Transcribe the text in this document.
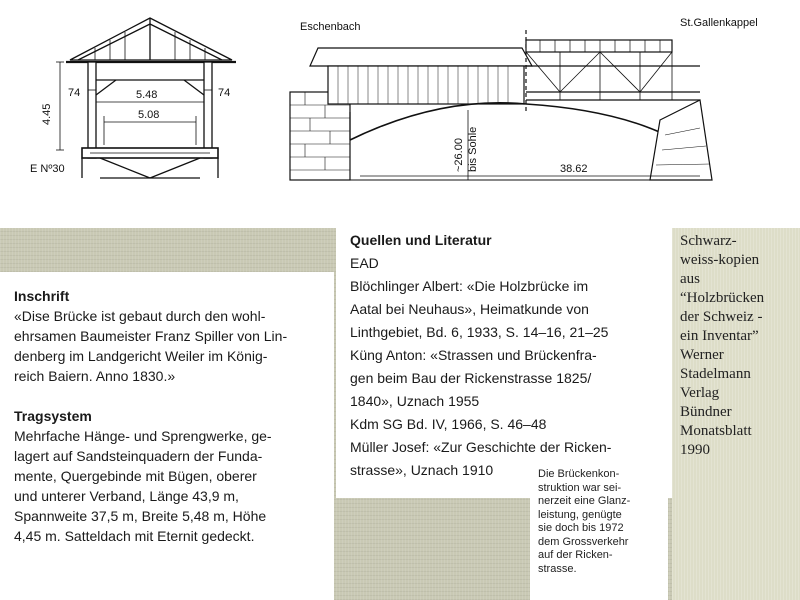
4.45
74	74
5.48
5.08
E Nº30
Eschenbach	St.Gallenkappel
~26.00 bis Sohle	38.62

Inschrift

«Dise Brücke ist gebaut durch den wohl-

ehrsamen Baumeister Franz Spiller von Lin-

denberg im Landgericht Weiler im König-

reich Baiern. Anno 1830.»

Tragsystem

Mehrfache Hänge- und Sprengwerke, ge-

lagert auf Sandsteinquadern der Funda-

mente, Quergebinde mit Bügen, oberer

und unterer Verband, Länge 43,9 m,

Spannweite 37,5 m, Breite 5,48 m, Höhe

4,45 m. Satteldach mit Eternit gedeckt.

Quellen und Literatur

EAD

Blöchlinger Albert: «Die Holzbrücke im

Aatal bei Neuhaus», Heimatkunde von

Linthgebiet, Bd. 6, 1933, S. 14–16, 21–25

Küng Anton: «Strassen und Brückenfra-

gen beim Bau der Rickenstrasse 1825/

1840», Uznach 1955

Kdm SG Bd. IV, 1966, S. 46–48

Müller Josef: «Zur Geschichte der Ricken-

strasse», Uznach 1910	Die Brückenkon-
struktion war sei-
nerzeit eine Glanz-
leistung, genügte
sie doch bis 1972
dem Grossverkehr
auf der Ricken-
strasse.
Schwarz-
weiss-kopien
aus
“Holzbrücken
der Schweiz -
ein Inventar”
Werner
Stadelmann
Verlag
Bündner
Monatsblatt
1990
